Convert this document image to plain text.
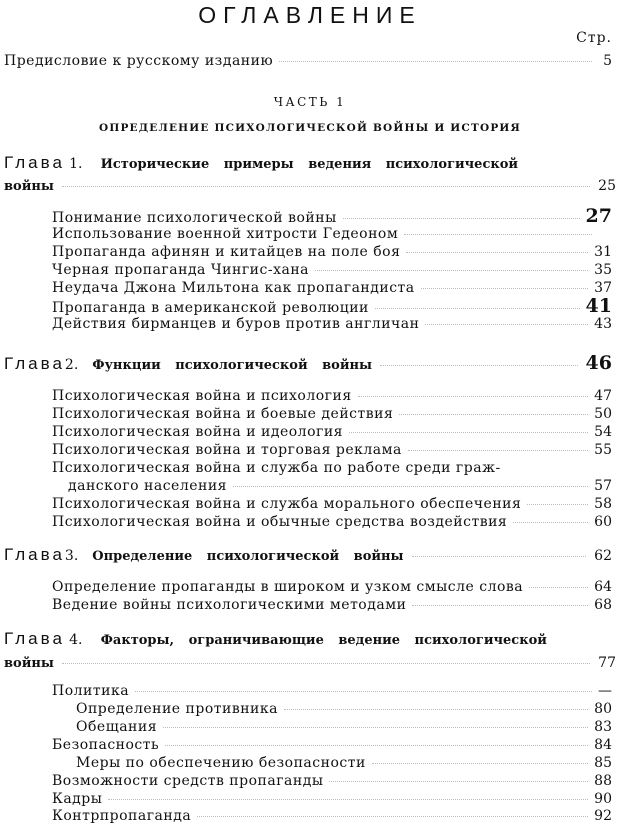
ОГЛАВЛЕНИЕ
Стр.
Предисловие к русскому изданию	5
ЧАСТЬ 1
ОПРЕДЕЛЕНИЕ ПСИХОЛОГИЧЕСКОЙ ВОЙНЫ И ИСТОРИЯ
Глава 1. Исторические примеры ведения психологической
войны	25
Понимание психологической войны	27
Использование военной хитрости Гедеоном
Пропаганда афинян и китайцев на поле боя	31
Черная пропаганда Чингис-хана	35
Неудача Джона Мильтона как пропагандиста	37
Пропаганда в американской революции	41
Действия бирманцев и буров против англичан	43
Глава 2. Функции психологической войны	46
Психологическая война и психология	47
Психологическая война и боевые действия	50
Психологическая война и идеология	54
Психологическая война и торговая реклама	55
Психологическая война и служба по работе среди граж-
данского населения	57
Психологическая война и служба морального обеспечения	58
Психологическая война и обычные средства воздействия	60
Глава 3. Определение психологической войны	62
Определение пропаганды в широком и узком смысле слова	64
Ведение войны психологическими методами	68
Глава 4. Факторы, ограничивающие ведение психологической
войны	77
Политика	—
Определение противника	80
Обещания	83
Безопасность	84
Меры по обеспечению безопасности	85
Возможности средств пропаганды	88
Кадры	90
Контрпропаганда	92
